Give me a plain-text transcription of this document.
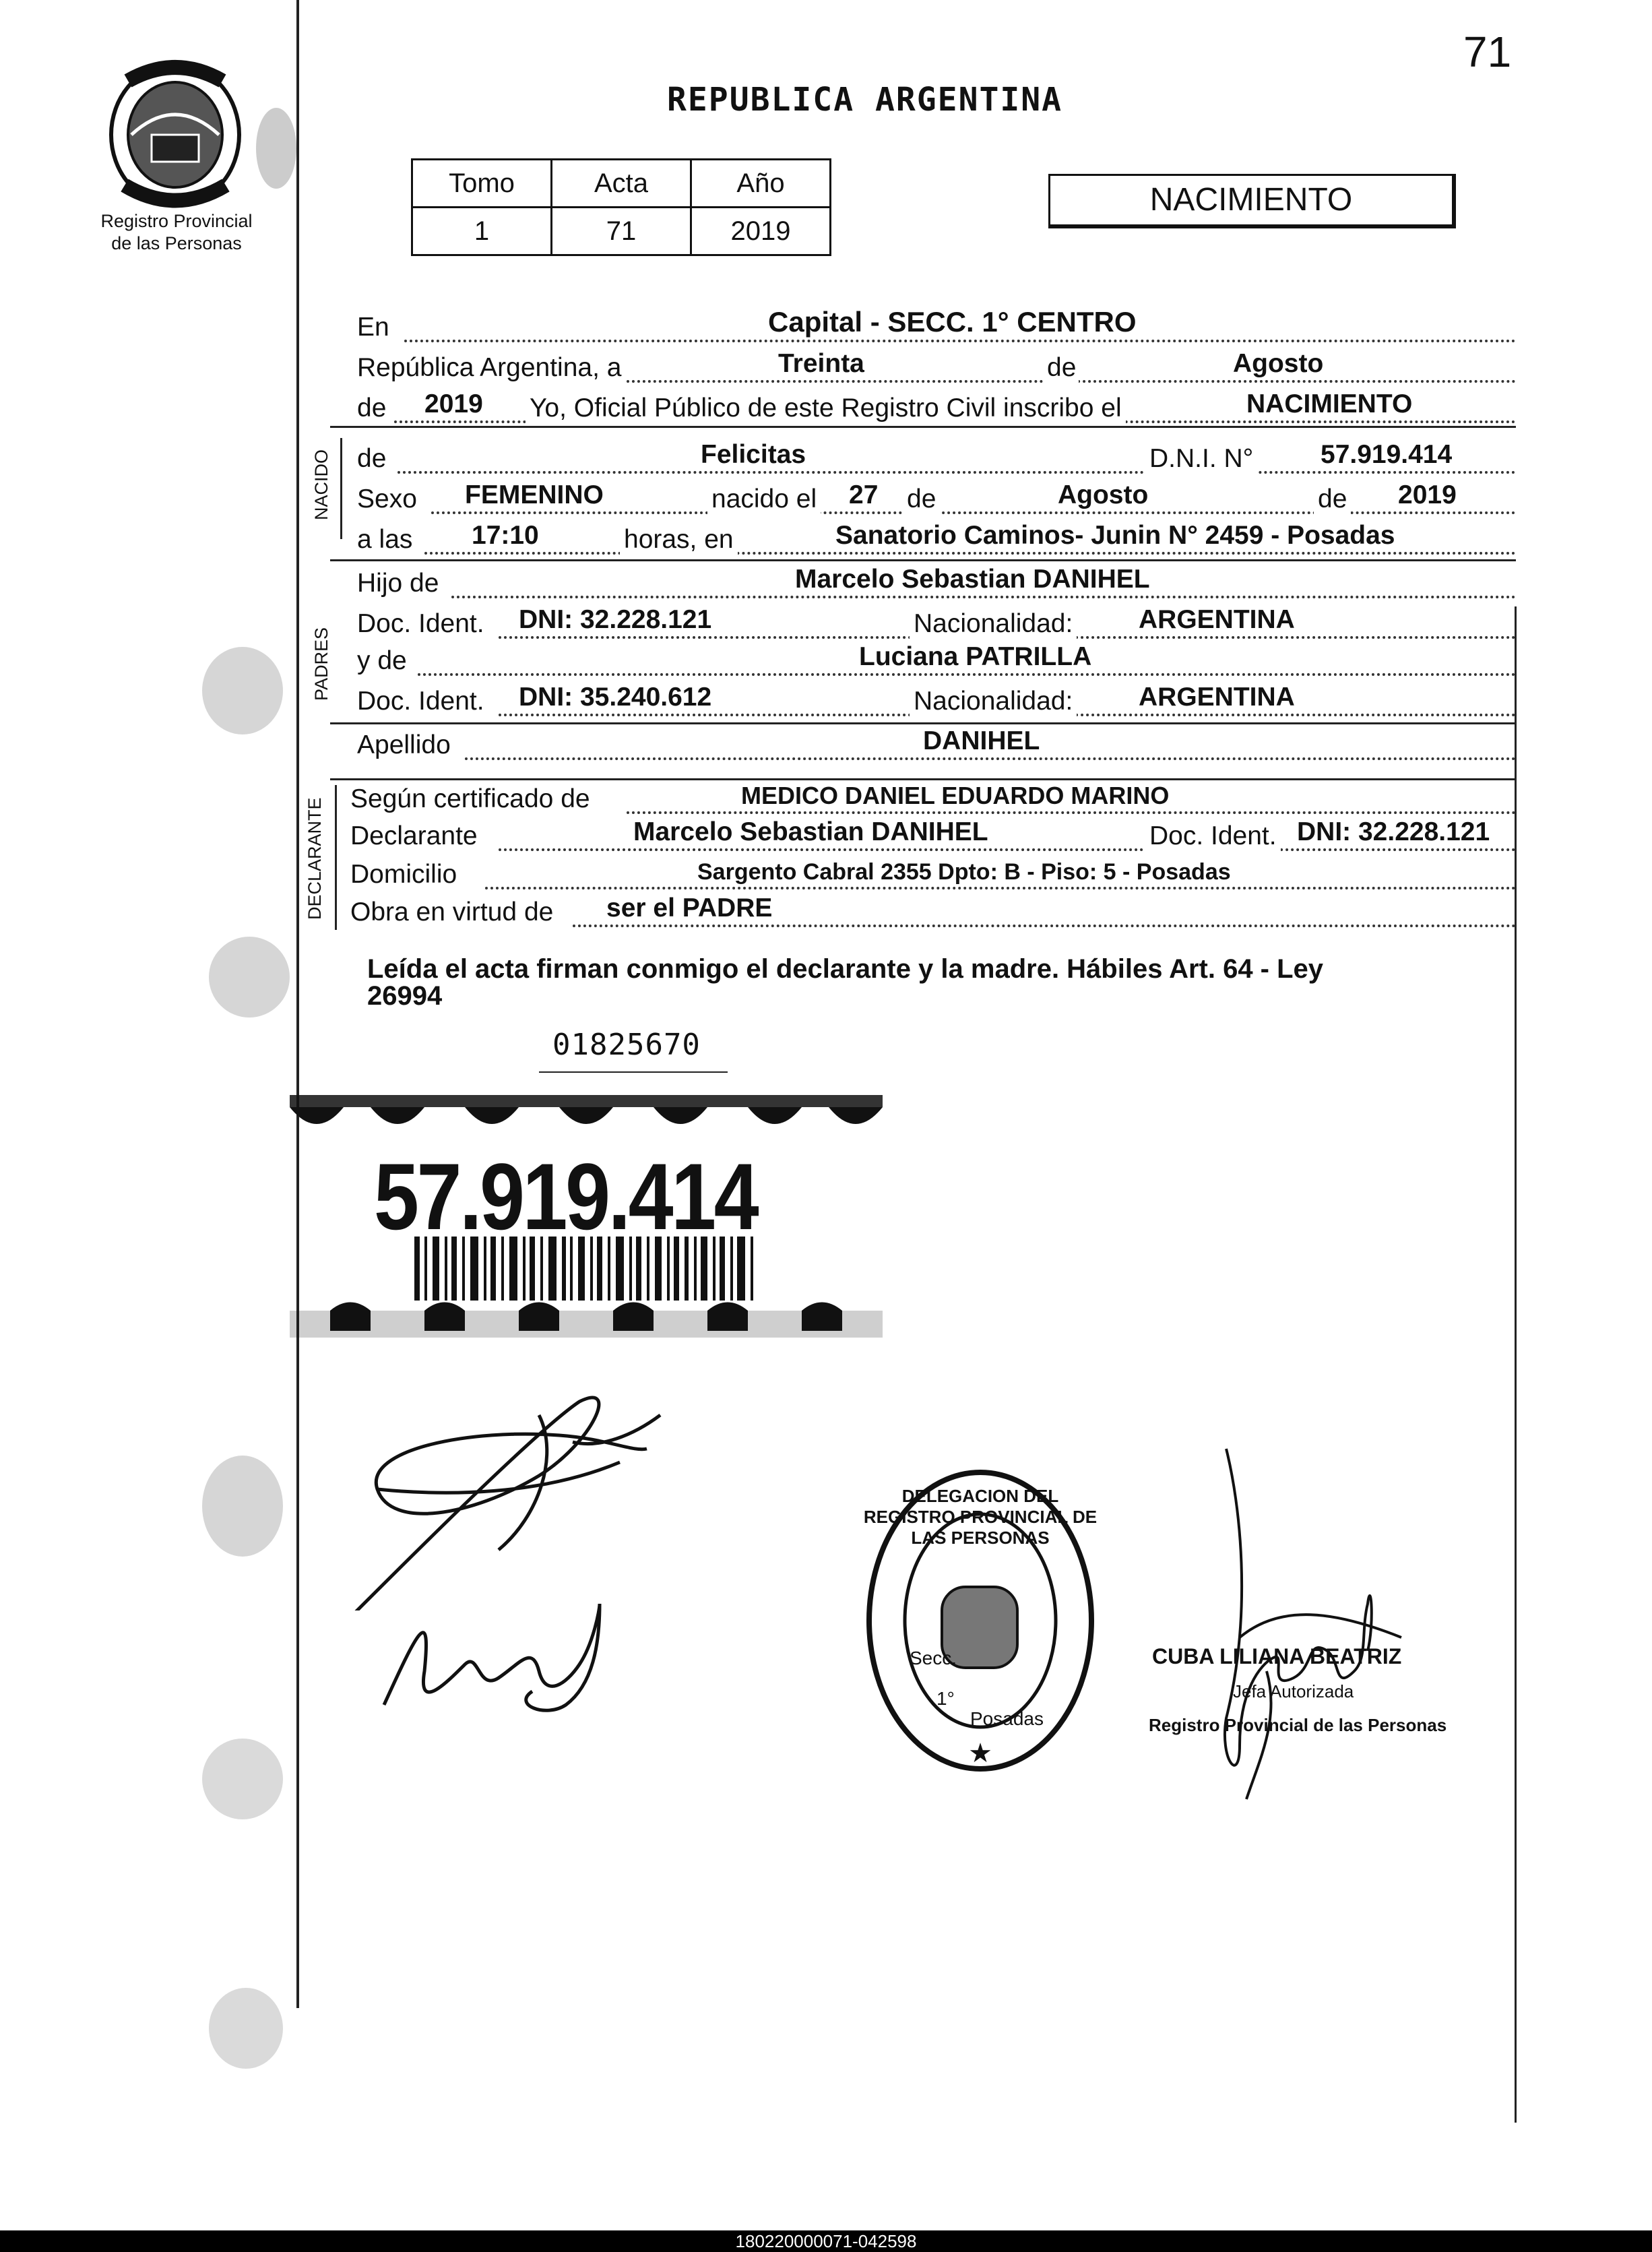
71
Registro Provincial
de las Personas
REPUBLICA ARGENTINA
Tomo	Acta	Año
1	71	2019
NACIMIENTO
En	Capital - SECC. 1° CENTRO
República Argentina, a	Treinta	de	Agosto
de 2019 Yo, Oficial Público de este Registro Civil inscribo el	NACIMIENTO
NACIDO de	Felicitas	D.N.I. N°	57.919.414
Sexo FEMENINO	nacido el 27 de	Agosto	de 2019
a las 17:10	horas, en	Sanatorio Caminos- Junin N° 2459 - Posadas
PADRES
Hijo de	Marcelo Sebastian DANIHEL
Doc. Ident. DNI: 32.228.121	Nacionalidad:	ARGENTINA
y de	Luciana PATRILLA
Doc. Ident. DNI: 35.240.612	Nacionalidad:	ARGENTINA
Apellido	DANIHEL
DECLARANTE Según certificado de	MEDICO DANIEL EDUARDO MARINO
Declarante	Marcelo Sebastian DANIHEL	Doc. Ident. DNI: 32.228.121
Domicilio	Sargento Cabral 2355 Dpto: B - Piso: 5 - Posadas
Obra en virtud de ser el PADRE
Leída el acta firman conmigo el declarante y la madre. Hábiles Art. 64 - Ley
26994
01825670
57.919.414
★
DELEGACION DEL REGISTRO PROVINCIAL DE LAS PERSONAS
Secc.
1°
Posadas
CUBA LILIANA BEATRIZ
Jefa Autorizada
Registro Provincial de las Personas
180220000071-042598
